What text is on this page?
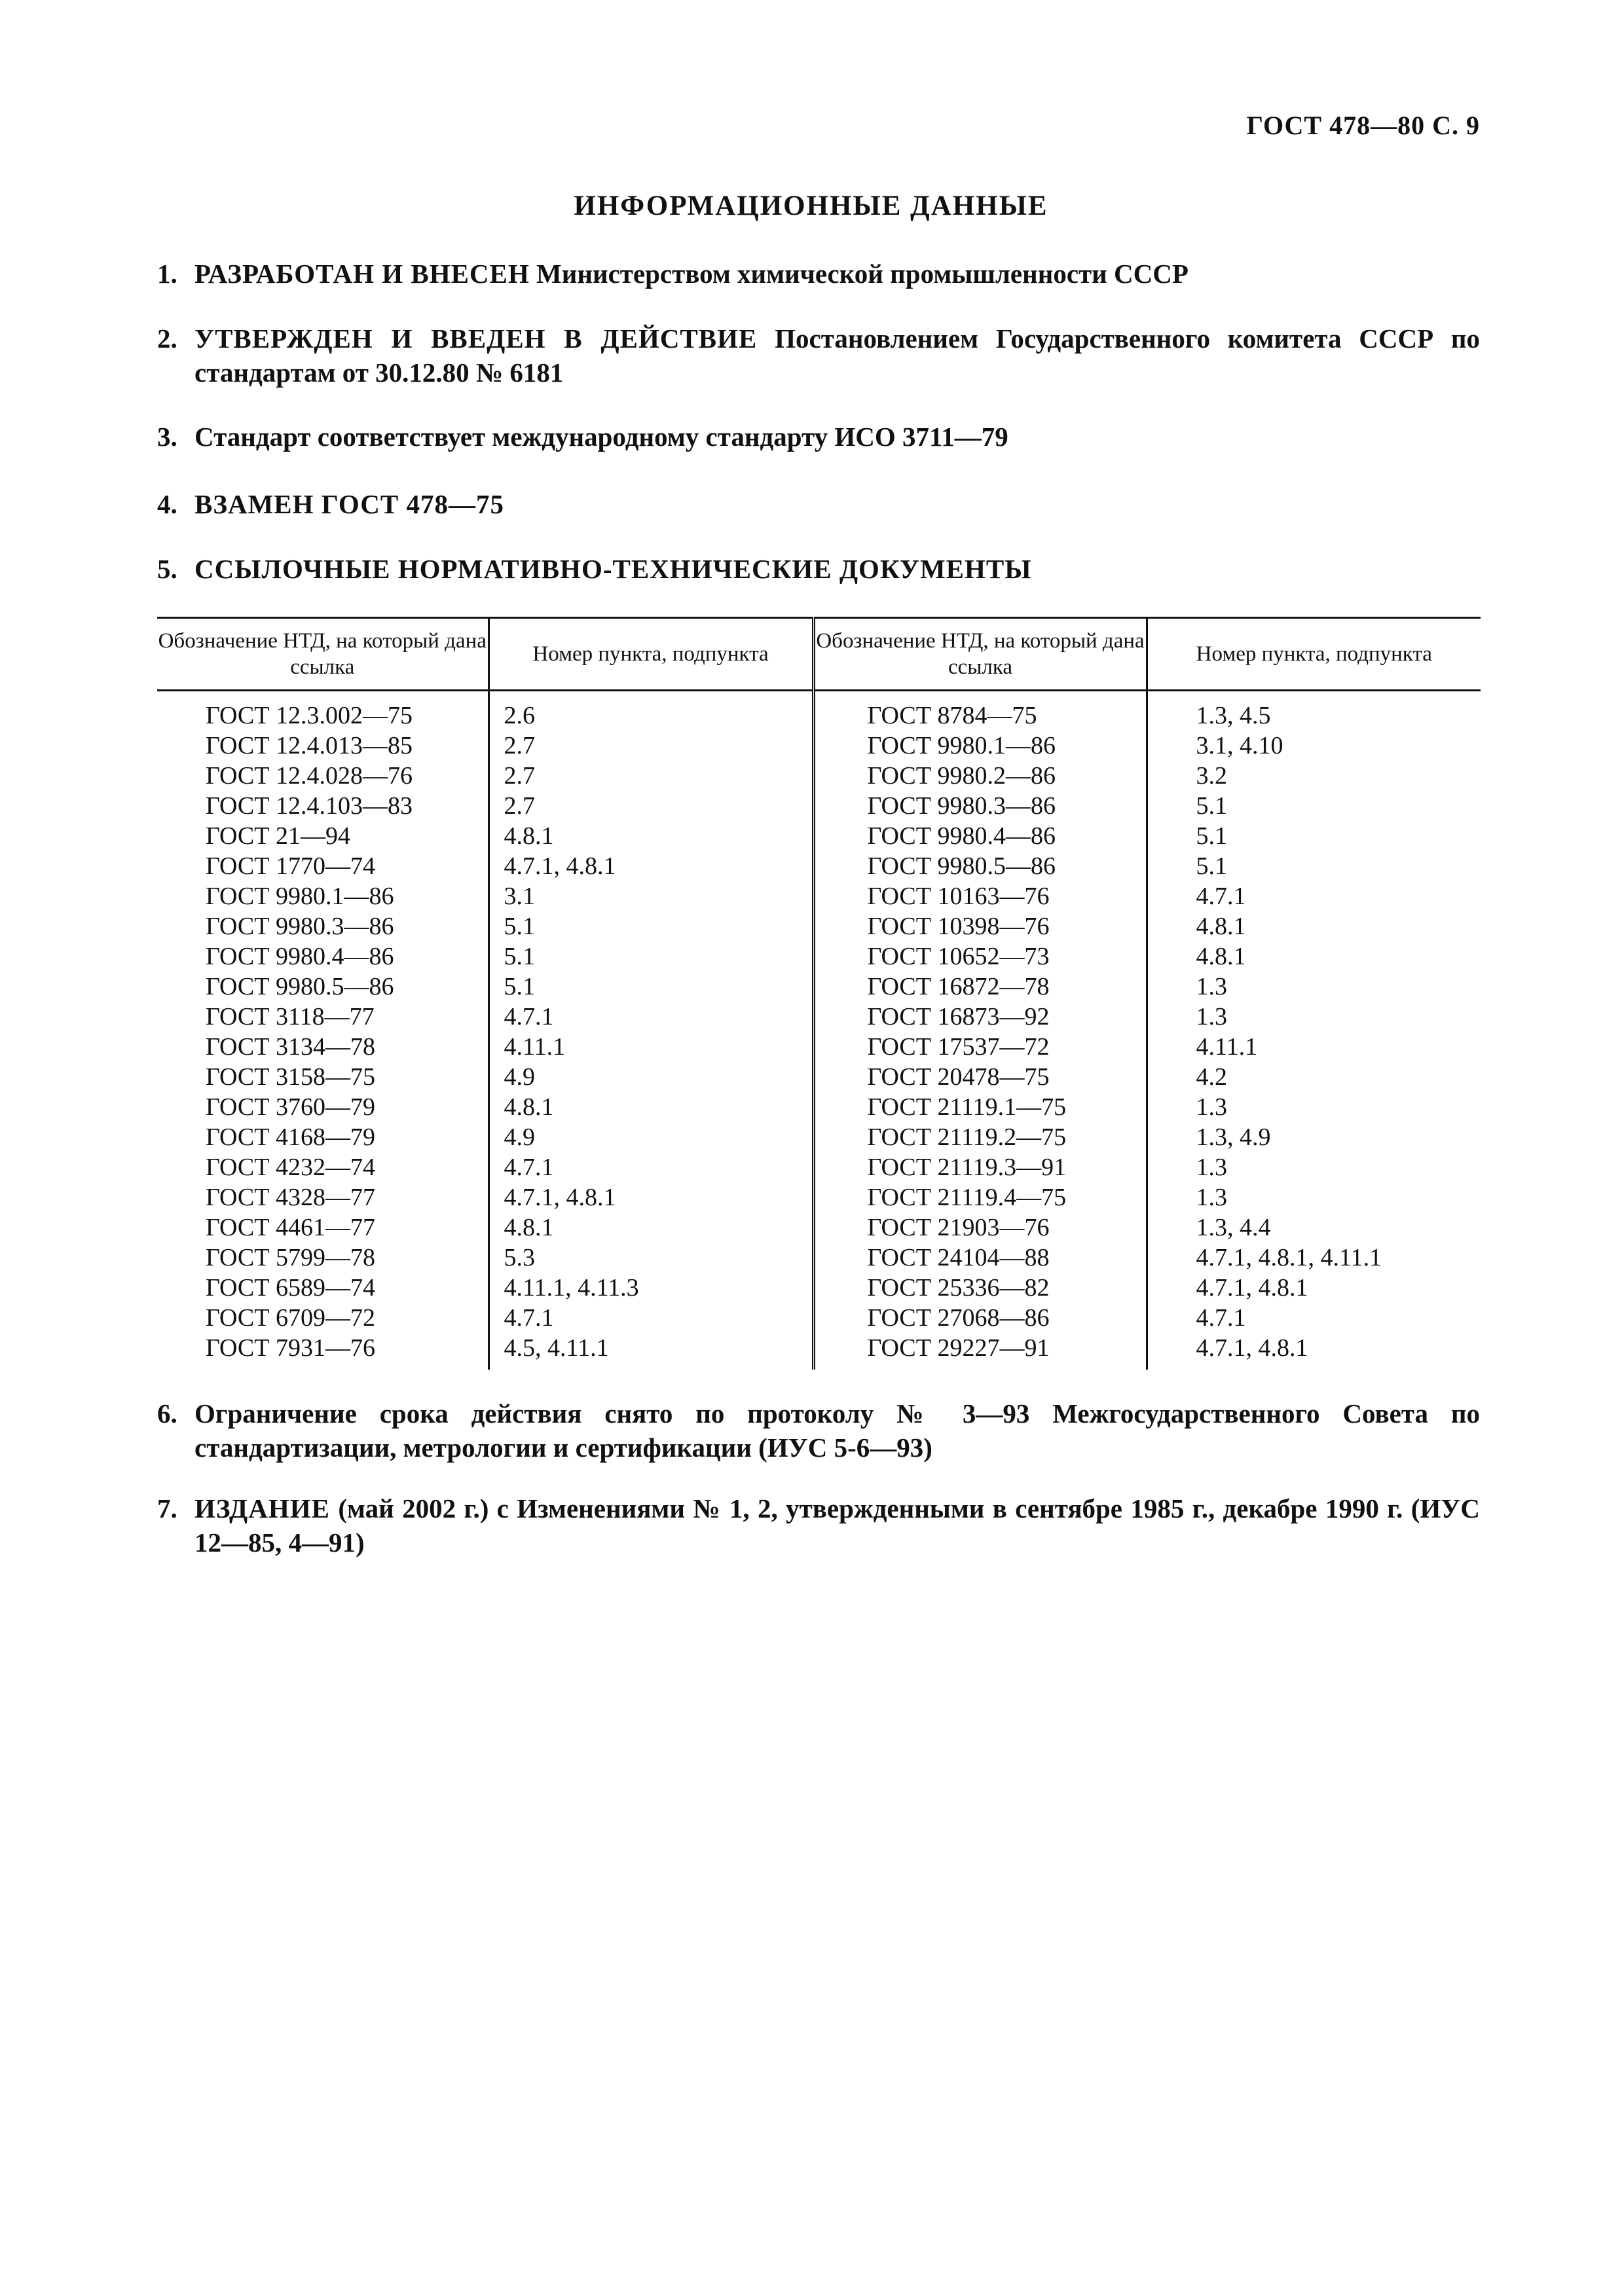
ГОСТ 478—80 С. 9
ИНФОРМАЦИОННЫЕ ДАННЫЕ
1. РАЗРАБОТАН И ВНЕСЕН Министерством химической промышленности СССР
2. УТВЕРЖДЕН И ВВЕДЕН В ДЕЙСТВИЕ Постановлением Государственного комитета СССР по стандартам от 30.12.80 № 6181
3. Стандарт соответствует международному стандарту ИСО 3711—79
4. ВЗАМЕН ГОСТ 478—75
5. ССЫЛОЧНЫЕ НОРМАТИВНО-ТЕХНИЧЕСКИЕ ДОКУМЕНТЫ
Обозначение НТД, на который дана ссылка	Номер пункта, подпункта	Обозначение НТД, на который дана ссылка	Номер пункта, подпункта
ГОСТ 12.3.002—75	2.6	ГОСТ 8784—75	1.3, 4.5
ГОСТ 12.4.013—85	2.7	ГОСТ 9980.1—86	3.1, 4.10
ГОСТ 12.4.028—76	2.7	ГОСТ 9980.2—86	3.2
ГОСТ 12.4.103—83	2.7	ГОСТ 9980.3—86	5.1
ГОСТ 21—94	4.8.1	ГОСТ 9980.4—86	5.1
ГОСТ 1770—74	4.7.1, 4.8.1	ГОСТ 9980.5—86	5.1
ГОСТ 9980.1—86	3.1	ГОСТ 10163—76	4.7.1
ГОСТ 9980.3—86	5.1	ГОСТ 10398—76	4.8.1
ГОСТ 9980.4—86	5.1	ГОСТ 10652—73	4.8.1
ГОСТ 9980.5—86	5.1	ГОСТ 16872—78	1.3
ГОСТ 3118—77	4.7.1	ГОСТ 16873—92	1.3
ГОСТ 3134—78	4.11.1	ГОСТ 17537—72	4.11.1
ГОСТ 3158—75	4.9	ГОСТ 20478—75	4.2
ГОСТ 3760—79	4.8.1	ГОСТ 21119.1—75	1.3
ГОСТ 4168—79	4.9	ГОСТ 21119.2—75	1.3, 4.9
ГОСТ 4232—74	4.7.1	ГОСТ 21119.3—91	1.3
ГОСТ 4328—77	4.7.1, 4.8.1	ГОСТ 21119.4—75	1.3
ГОСТ 4461—77	4.8.1	ГОСТ 21903—76	1.3, 4.4
ГОСТ 5799—78	5.3	ГОСТ 24104—88	4.7.1, 4.8.1, 4.11.1
ГОСТ 6589—74	4.11.1, 4.11.3	ГОСТ 25336—82	4.7.1, 4.8.1
ГОСТ 6709—72	4.7.1	ГОСТ 27068—86	4.7.1
ГОСТ 7931—76	4.5, 4.11.1	ГОСТ 29227—91	4.7.1, 4.8.1
6. Ограничение срока действия снято по протоколу № 3—93 Межгосударственного Совета по стандартизации, метрологии и сертификации (ИУС 5-6—93)
7. ИЗДАНИЕ (май 2002 г.) с Изменениями № 1, 2, утвержденными в сентябре 1985 г., декабре 1990 г. (ИУС 12—85, 4—91)
